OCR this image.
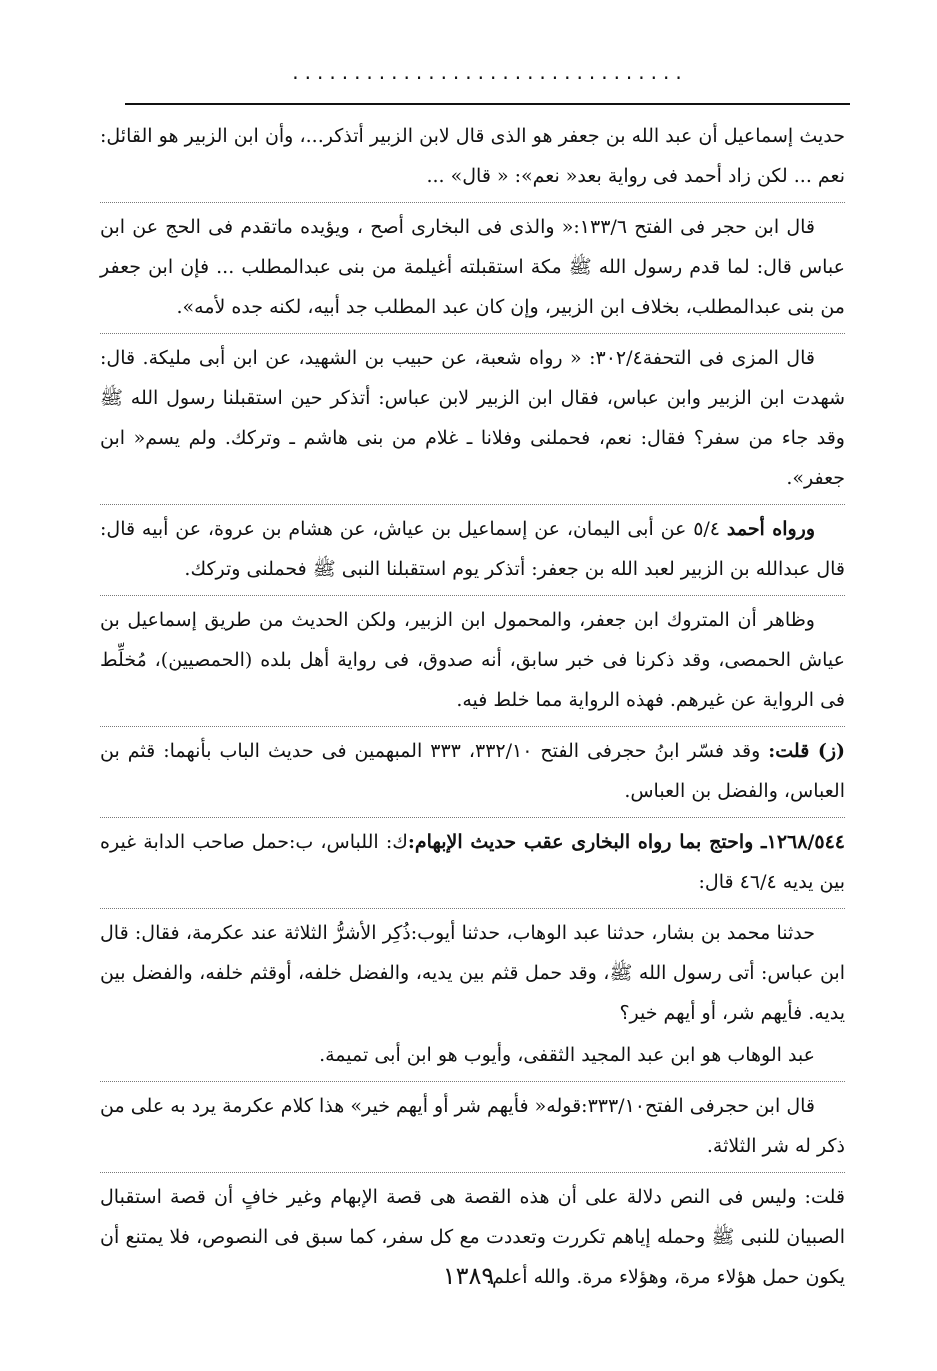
................................

حديث إسماعيل أن عبد الله بن جعفر هو الذى قال لابن الزبير أتذكر...، وأن ابن الزبير هو القائل: نعم ... لكن زاد أحمد فى رواية بعد« نعم»: « قال» ...

قال ابن حجر فى الفتح ١٣٣/٦:« والذى فى البخارى أصح ، ويؤيده ماتقدم فى الحج عن ابن عباس قال: لما قدم رسول الله ﷺ مكة استقبلته أغيلمة من بنى عبدالمطلب ... فإن ابن جعفر من بنى عبدالمطلب، بخلاف ابن الزبير، وإن كان عبد المطلب جد أبيه، لكنه جده لأمه».

قال المزى فى التحفة٣٠٢/٤: « رواه شعبة، عن حبيب بن الشهيد، عن ابن أبى مليكة. قال: شهدت ابن الزبير وابن عباس، فقال ابن الزبير لابن عباس: أتذكر حين استقبلنا رسول الله ﷺ وقد جاء من سفر؟ فقال: نعم، فحملنى وفلانا ـ غلام من بنى هاشم ـ وتركك. ولم يسم« ابن جعفر».

ورواه أحمد ٥/٤ عن أبى اليمان، عن إسماعيل بن عياش، عن هشام بن عروة، عن أبيه قال: قال عبدالله بن الزبير لعبد الله بن جعفر: أتذكر يوم استقبلنا النبى ﷺ فحملنى وتركك.

وظاهر أن المتروك ابن جعفر، والمحمول ابن الزبير، ولكن الحديث من طريق إسماعيل بن عياش الحمصى، وقد ذكرنا فى خبر سابق، أنه صدوق، فى رواية أهل بلده (الحمصيين)، مُخلِّط فى الرواية عن غيرهم. فهذه الرواية مما خلط فيه.

(ز) قلت: وقد فسّر ابنُ حجرفى الفتح ٣٣٢/١٠، ٣٣٣ المبهمين فى حديث الباب بأنهما: قثم بن العباس، والفضل بن العباس.

١٢٦٨/٥٤٤ـ واحتج بما رواه البخارى عقب حديث الإبهام:ك: اللباس، ب:حمل صاحب الدابة غيره بين يديه ٤٦/٤ قال:

حدثنا محمد بن بشار، حدثنا عبد الوهاب، حدثنا أيوب:ذُكِر الأشرُّ الثلاثة عند عكرمة، فقال: قال ابن عباس: أتى رسول الله ﷺ، وقد حمل قثم بين يديه، والفضل خلفه، أوقثم خلفه، والفضل بين يديه. فأيهم شر، أو أيهم خير؟

عبد الوهاب هو ابن عبد المجيد الثقفى، وأيوب هو ابن أبى تميمة.

قال ابن حجرفى الفتح٣٣٣/١٠:قوله« فأيهم شر أو أيهم خير» هذا كلام عكرمة يرد به على من ذكر له شر الثلاثة.

قلت: وليس فى النص دلالة على أن هذه القصة هى قصة الإبهام وغير خافٍ أن قصة استقبال الصبيان للنبى ﷺ وحمله إياهم تكررت وتعددت مع كل سفر، كما سبق فى النصوص، فلا يمتنع أن يكون حمل هؤلاء مرة، وهؤلاء مرة. والله أعلم.

١٣٨٩
